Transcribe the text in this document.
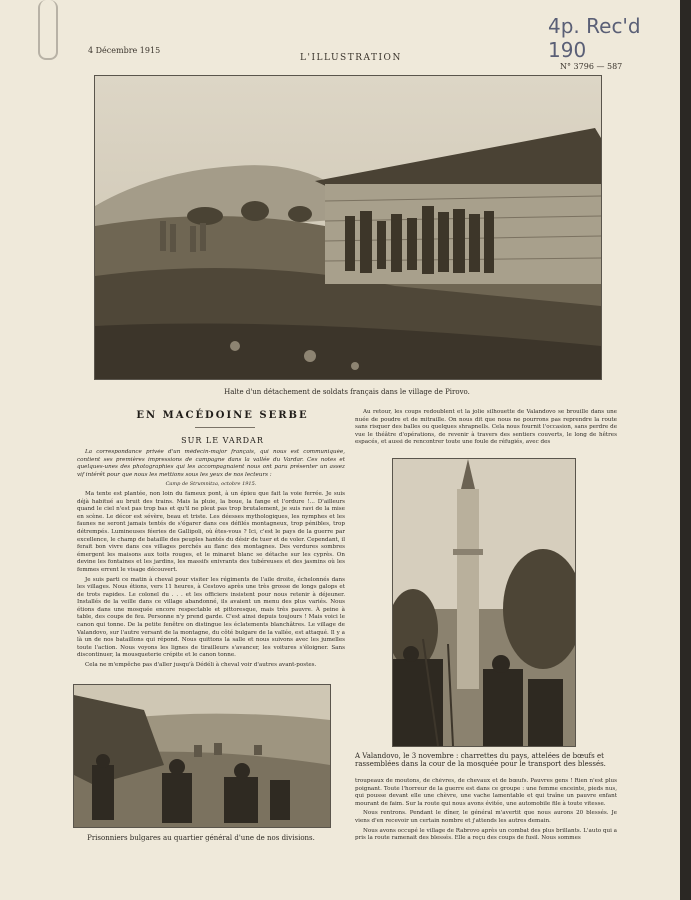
4 Décembre 1915
L'ILLUSTRATION
N° 3796 — 587
4p. Rec'd 190
Halte d'un détachement de soldats français dans le village de Pirovo.
EN MACÉDOINE SERBE
SUR LE VARDAR

La correspondance privée d'un médecin-major français, qui nous est communiquée, contient ses premières impressions de campagne dans la vallée du Vardar. Ces notes et quelques-unes des photographies qui les accompagnaient nous ont paru présenter un assez vif intérêt pour que nous les mettions sous les yeux de nos lecteurs :

Camp de Strumnitza, octobre 1915.

Ma tente est plantée, non loin du fameux pont, à un épieu que fait la voie ferrée. Je suis déjà habitué au bruit des trains. Mais la pluie, la boue, la fange et l'ordure !... D'ailleurs quand le ciel n'est pas trop bas et qu'il ne pleut pas trop brutalement, je suis ravi de la mise en scène. Le décor est sévère, beau et triste. Les déesses mythologiques, les nymphes et les faunes ne seront jamais tentés de s'égarer dans ces défilés montagneux, trop pénibles, trop détrempés. Lumineuses féeries de Gallipoli, où êtes-vous ? Ici, c'est le pays de la guerre par excellence, le champ de bataille des peuples hantés du désir de tuer et de voler. Cependant, il ferait bon vivre dans ces villages perchés au flanc des montagnes. Des verdures sombres émergent les maisons aux toits rouges, et le minaret blanc se détache sur les cyprès. On devine les fontaines et les jardins, les massifs enivrants des tubéreuses et des jasmins où les femmes errent le visage découvert.

Je suis parti ce matin à cheval pour visiter les régiments de l'aile droite, échelonnés dans les villages. Nous étions, vers 11 heures, à Cestovo après une très grosse de longs galops et de trots rapides. Le colonel du . . . et les officiers insistent pour nous retenir à déjeuner. Installés de la veille dans ce village abandonné, ils avaient un menu des plus variés. Nous étions dans une mosquée encore respectable et pittoresque, mais très pauvre. À peine à table, des coups de feu. Personne n'y prend garde. C'est ainsi depuis toujours ! Mais voici le canon qui tonne. De la petite fenêtre on distingue les éclatements blanchâtres. Le village de Valandovo, sur l'autre versant de la montagne, du côté bulgare de la vallée, est attaqué. Il y a là un de nos bataillons qui répond. Nous quittons la salle et nous suivons avec les jumelles toute l'action. Nous voyons les lignes de tirailleurs s'avancer, les voitures s'éloigner. Sans discontinuer, la mousqueterie crépite et le canon tonne.

Cela ne m'empêche pas d'aller jusqu'à Dédéli à cheval voir d'autres avant-postes.

Prisonniers bulgares au quartier général d'une de nos divisions.

Au retour, les coups redoublent et la jolie silhouette de Valandovo se brouille dans une nuée de poudre et de mitraille. On nous dit que nous ne pourrons pas reprendre la route sans risquer des balles ou quelques shrapnells. Cela nous fournit l'occasion, sans perdre de vue le théâtre d'opérations, de revenir à travers des sentiers couverts, le long de hêtres espacés, et aussi de rencontrer toute une foule de réfugiés, avec des

A Valandovo, le 3 novembre : charrettes du pays, attelées de bœufs et rassemblées dans la cour de la mosquée pour le transport des blessés.

troupeaux de moutons, de chèvres, de chevaux et de bœufs. Pauvres gens ! Rien n'est plus poignant. Toute l'horreur de la guerre est dans ce groupe : une femme enceinte, pieds nus, qui pousse devant elle une chèvre, une vache lamentable et qui traîne un pauvre enfant mourant de faim. Sur la route qui nous avons évitée, une automobile file à toute vitesse.

Nous rentrons. Pendant le dîner, le général m'avertit que nous aurons 20 blessés. Je viens d'en recevoir un certain nombre et j'attends les autres demain.

Nous avons occupé le village de Rabrovo après un combat des plus brillants. L'auto qui a pris la route ramenait des blessés. Elle a reçu des coups de fusil. Nous sommes
